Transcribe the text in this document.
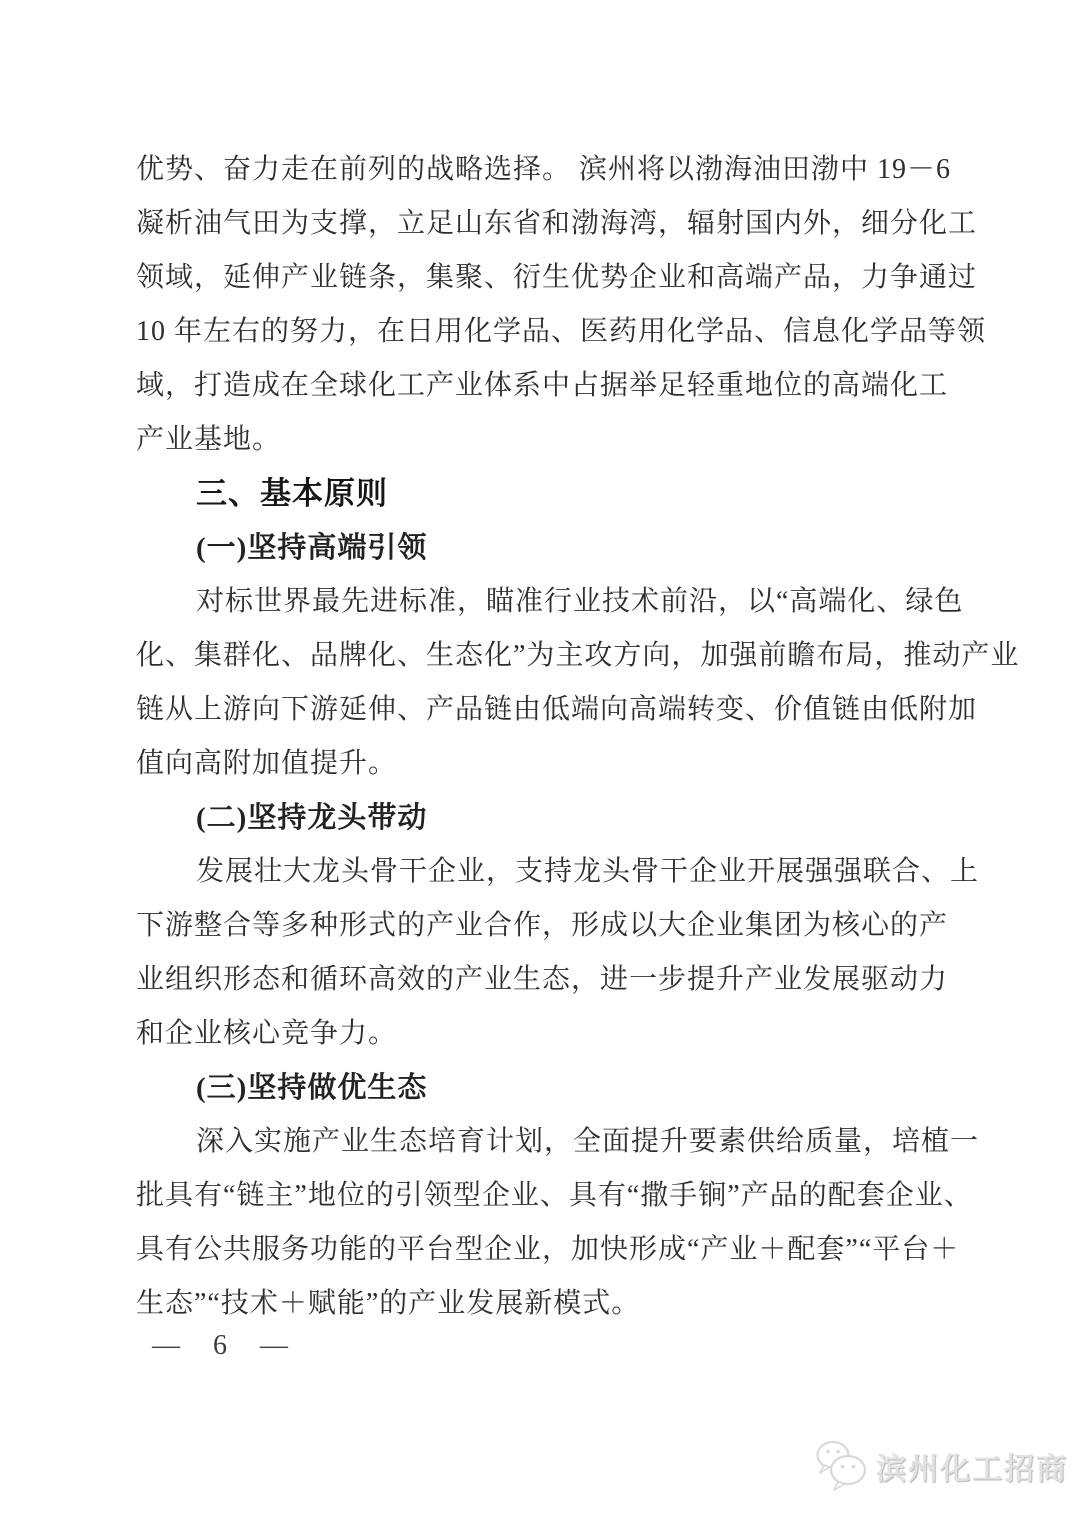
优势、奋力走在前列的战略选择。 滨州将以渤海油田渤中 19－6
凝析油气田为支撑，立足山东省和渤海湾，辐射国内外，细分化工
领域，延伸产业链条，集聚、衍生优势企业和高端产品，力争通过
10 年左右的努力，在日用化学品、医药用化学品、信息化学品等领
域，打造成在全球化工产业体系中占据举足轻重地位的高端化工
产业基地。
三、基本原则
(一)坚持高端引领
对标世界最先进标准，瞄准行业技术前沿，以“高端化、绿色
化、集群化、品牌化、生态化”为主攻方向，加强前瞻布局，推动产业
链从上游向下游延伸、产品链由低端向高端转变、价值链由低附加
值向高附加值提升。
(二)坚持龙头带动
发展壮大龙头骨干企业，支持龙头骨干企业开展强强联合、上
下游整合等多种形式的产业合作，形成以大企业集团为核心的产
业组织形态和循环高效的产业生态，进一步提升产业发展驱动力
和企业核心竞争力。
(三)坚持做优生态
深入实施产业生态培育计划，全面提升要素供给质量，培植一
批具有“链主”地位的引领型企业、具有“撒手锏”产品的配套企业、
具有公共服务功能的平台型企业，加快形成“产业＋配套”“平台＋
生态”“技术＋赋能”的产业发展新模式。
— 6 —
滨州化工招商
